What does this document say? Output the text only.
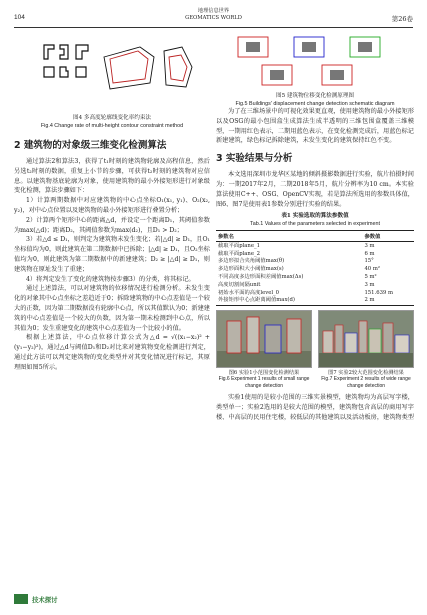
104
地理信息世界
GEOMATICS WORLD	第26卷
图4 多高度轮廓线变化率约束法
Fig.4 Change rate of multi-height contour constraint method
2 建筑物的对象级三维变化检测算法

通过算法2和算法3，获得了t₁时刻的建筑物轮廓及高程信息，然后另选t₂时刻的数据，重复上小节的步骤，可获得t₂时刻的建筑物对应信息。以建筑物基底轮廓为对象，使用建筑物的最小外接矩形进行对象级变化检测，算法步骤如下：

1）计算两期数据中对应建筑物的中心点坐标O₁(x₁, y₁)、O₂(x₂, y₂)，对中心点位置以及建筑物的最小外接矩形进行叠置分析；

2）计算两个矩形中心的距离△d，并设定一个距离D₁，其阈值参数为max(△d)；距离D₂，其阈值参数为max(d₂)，且D₁ > D₂；

3）若△d ≤ D₁，则判定为建筑物未发生变化；若|△d| ≥ D₁，且O₁坐标值均为0，则此建筑在第二期数据中已拆除；|△d| ≥ D₁，且O₂坐标值均为0，则此建筑为第二期数据中的新建建筑；D₂ ≥ |△d| ≥ D₁，则建筑物在原址发生了重建；

4）将判定发生了变化的建筑物按步骤3）的分类，将其标记。

通过上述算法，可以对建筑物的位移情况进行检测分析。未发生变化的对象其中心点坐标之差趋近于0；拆除建筑物的中心点差值是一个较大的正数，因为第二期数据没有轮廓中心点，所以其值默认为0；新建建筑的中心点差值是一个较大的负数，因为第一期未检测到中心点，所以其值为0；发生重建变化的建筑中心点差值为一个比较小的值。

根据上述算法，中心点位移计算公式为△d = √((x₁−x₂)² + (y₁−y₂)²)，通过△d与阈值D₁和D₂对比来对建筑物变化检测进行判定，通过此方法可以判定建筑物的变化类型并对其变化情况进行标记，其原理图如图5所示。

图5 建筑物位移变化检测原理图
Fig.5 Buildings' displacement change detection schematic diagram

为了在三维场景中的可视化效果更直观，使用建筑物的最小外接矩形以及OSG的最小包围盒生成算法生成半透明的三维包围盒覆盖三维模型，一期用红色表示，二期用蓝色表示，在变化检测完成后，用蓝色标记新建建筑，绿色标记拆除建筑，未发生变化的建筑保持红色不变。

3 实验结果与分析

本文选用深圳市龙华区某地的倾斜摄影数据进行实验，航片拍摄时间为：一期2017年2月，二期2018年5月，航片分辨率为10 cm。本实验算法使用C++、OSG、OpenCV实现，若是算法所选用的参数具体值，图6、图7是使用表1参数分别进行实验的结果。

表1 实验选取的算法参数值
Tab.1 Values of the parameters selected in experiment
参数名	参数值
截取平面plane_1	3 m
截取平面plane_2	6 m
多边形拟合夹角阈值max(θ)	15°
多边形面积大小阈值max(s)	40 m²
不同高度多边形面积差阈值max(Δs)	5 m²
高度切割间隔unit	3 m
初始水平面的高度level_0	151.639 m
外接矩形中心点距离阈值max(d)	2 m
图6 实验1小范围变化检测结果
Fig.6 Experiment 1 results of small range change detection
图7 实验2较大范围变化检测结果
Fig.7 Experiment 2 results of wide range change detection

实验1使用的是较小范围的三维实景模型，建筑物均为高层写字楼，类型单一；实验2选用的是较大范围的模型，建筑物包含高层的商用写字楼、中高层的民用住宅楼，较低层的其他建筑以及活动板房，建筑物类型

技术探讨
